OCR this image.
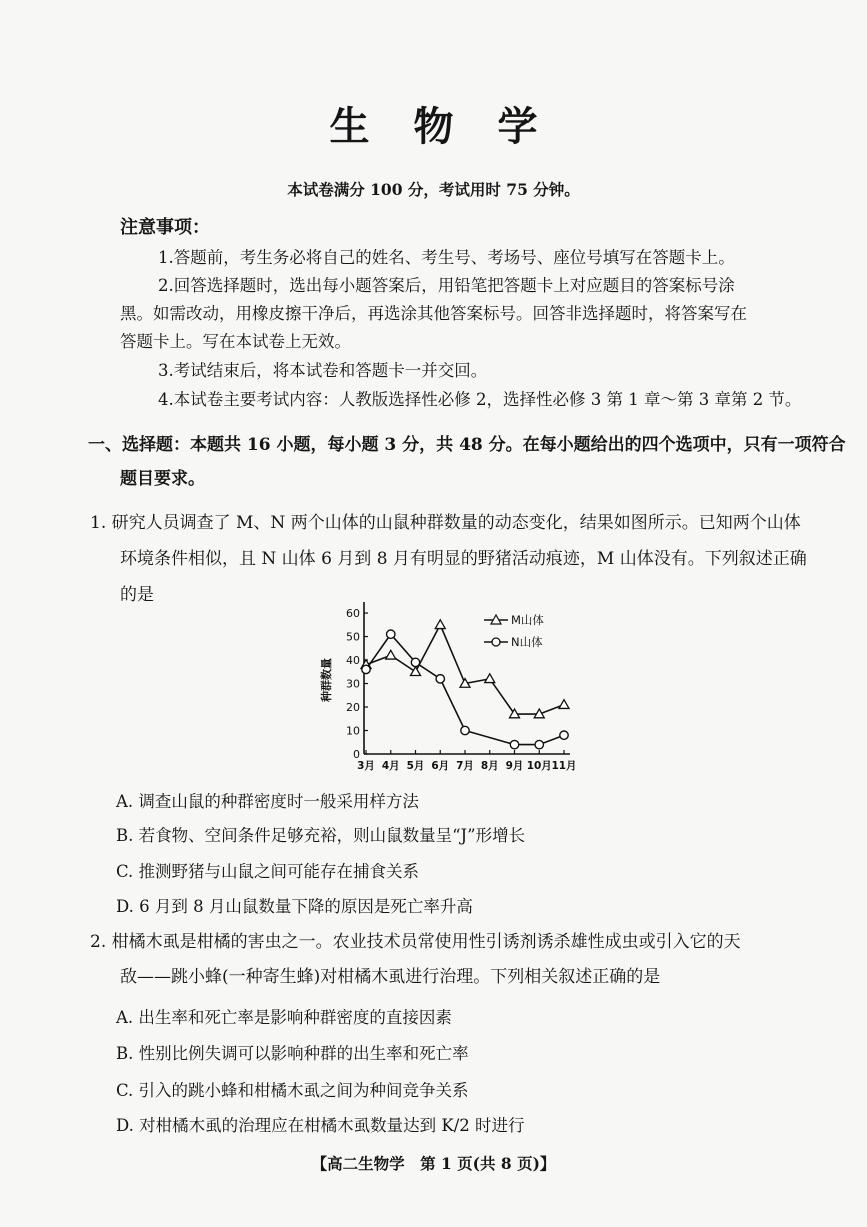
生物学
本试卷满分 100 分，考试用时 75 分钟。
注意事项：
1.答题前，考生务必将自己的姓名、考生号、考场号、座位号填写在答题卡上。
2.回答选择题时，选出每小题答案后，用铅笔把答题卡上对应题目的答案标号涂
黑。如需改动，用橡皮擦干净后，再选涂其他答案标号。回答非选择题时，将答案写在
答题卡上。写在本试卷上无效。
3.考试结束后，将本试卷和答题卡一并交回。
4.本试卷主要考试内容：人教版选择性必修 2，选择性必修 3 第 1 章～第 3 章第 2 节。
一、选择题：本题共 16 小题，每小题 3 分，共 48 分。在每小题给出的四个选项中，只有一项符合
题目要求。
1. 研究人员调查了 M、N 两个山体的山鼠种群数量的动态变化，结果如图所示。已知两个山体
环境条件相似，且 N 山体 6 月到 8 月有明显的野猪活动痕迹，M 山体没有。下列叙述正确
的是
0
10
20
30
40
50
60
3月 4月 5月 6月 7月 8月 9月 10月 11月
种群数量
M山体
N山体
A. 调查山鼠的种群密度时一般采用样方法
B. 若食物、空间条件足够充裕，则山鼠数量呈“J”形增长
C. 推测野猪与山鼠之间可能存在捕食关系
D. 6 月到 8 月山鼠数量下降的原因是死亡率升高
2. 柑橘木虱是柑橘的害虫之一。农业技术员常使用性引诱剂诱杀雄性成虫或引入它的天
敌——跳小蜂(一种寄生蜂)对柑橘木虱进行治理。下列相关叙述正确的是
A. 出生率和死亡率是影响种群密度的直接因素
B. 性别比例失调可以影响种群的出生率和死亡率
C. 引入的跳小蜂和柑橘木虱之间为种间竞争关系
D. 对柑橘木虱的治理应在柑橘木虱数量达到 K/2 时进行
【高二生物学　第 1 页(共 8 页)】
